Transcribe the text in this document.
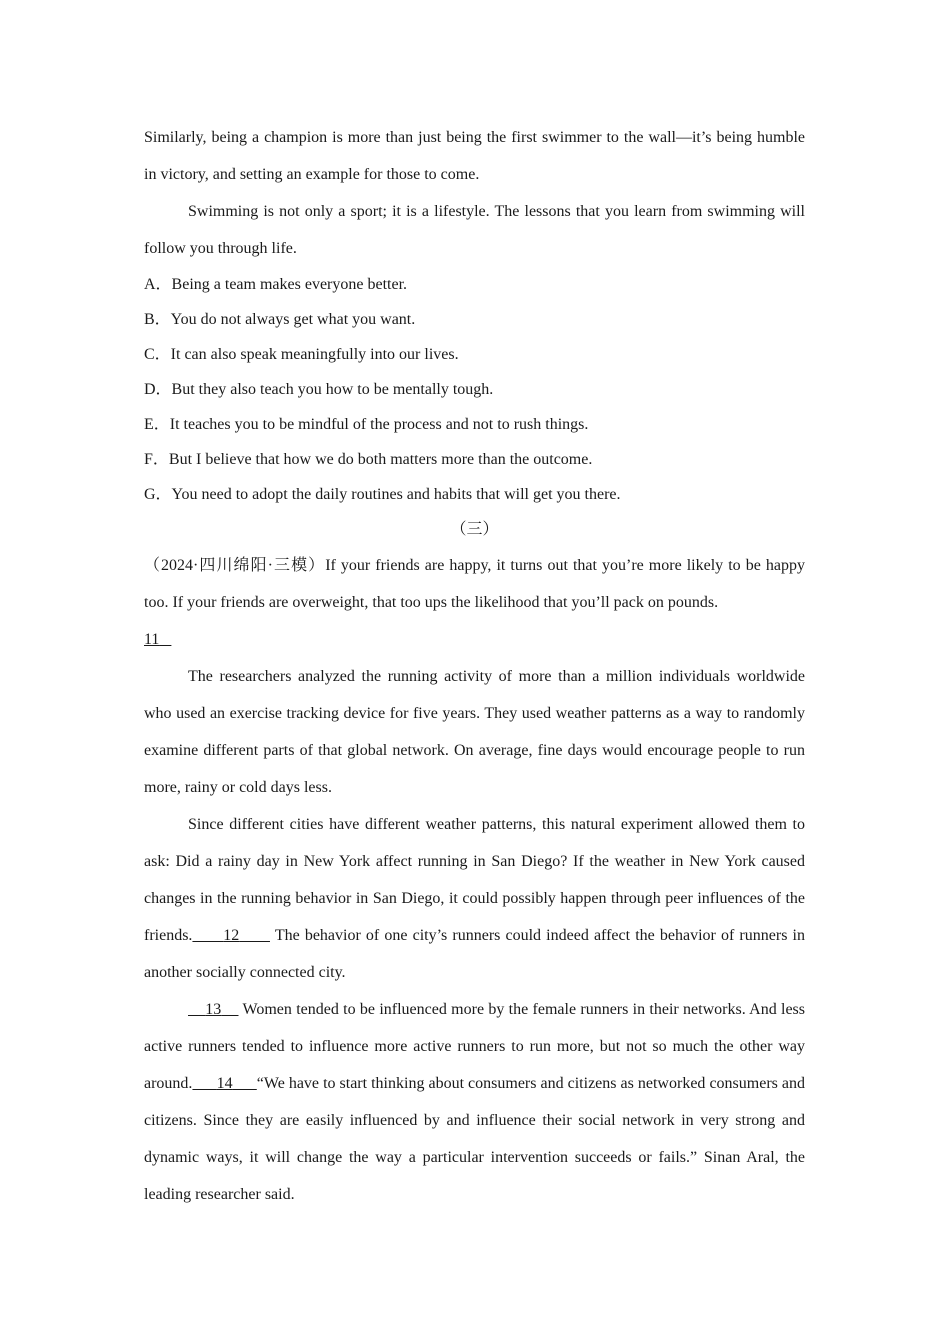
Similarly, being a champion is more than just being the first swimmer to the wall—it’s being humble in victory, and setting an example for those to come.

Swimming is not only a sport; it is a lifestyle. The lessons that you learn from swimming will follow you through life.

A．Being a team makes everyone better.

B．You do not always get what you want.

C．It can also speak meaningfully into our lives.

D．But they also teach you how to be mentally tough.

E．It teaches you to be mindful of the process and not to rush things.

F．But I believe that how we do both matters more than the outcome.

G．You need to adopt the daily routines and habits that will get you there.

（三）

（2024·四川绵阳·三模）If your friends are happy, it turns out that you’re more likely to be happy too. If your friends are overweight, that too ups the likelihood that you’ll pack on pounds.
11

The researchers analyzed the running activity of more than a million individuals worldwide who used an exercise tracking device for five years. They used weather patterns as a way to randomly examine different parts of that global network. On average, fine days would encourage people to run more, rainy or cold days less.

Since different cities have different weather patterns, this natural experiment allowed them to ask: Did a rainy day in New York affect running in San Diego? If the weather in New York caused changes in the running behavior in San Diego, it could possibly happen through peer influences of the friends. 12 The behavior of one city’s runners could indeed affect the behavior of runners in another socially connected city.

13 Women tended to be influenced more by the female runners in their networks. And less active runners tended to influence more active runners to run more, but not so much the other way around. 14 “We have to start thinking about consumers and citizens as networked consumers and citizens. Since they are easily influenced by and influence their social network in very strong and dynamic ways, it will change the way a particular intervention succeeds or fails.” Sinan Aral, the leading researcher said.
